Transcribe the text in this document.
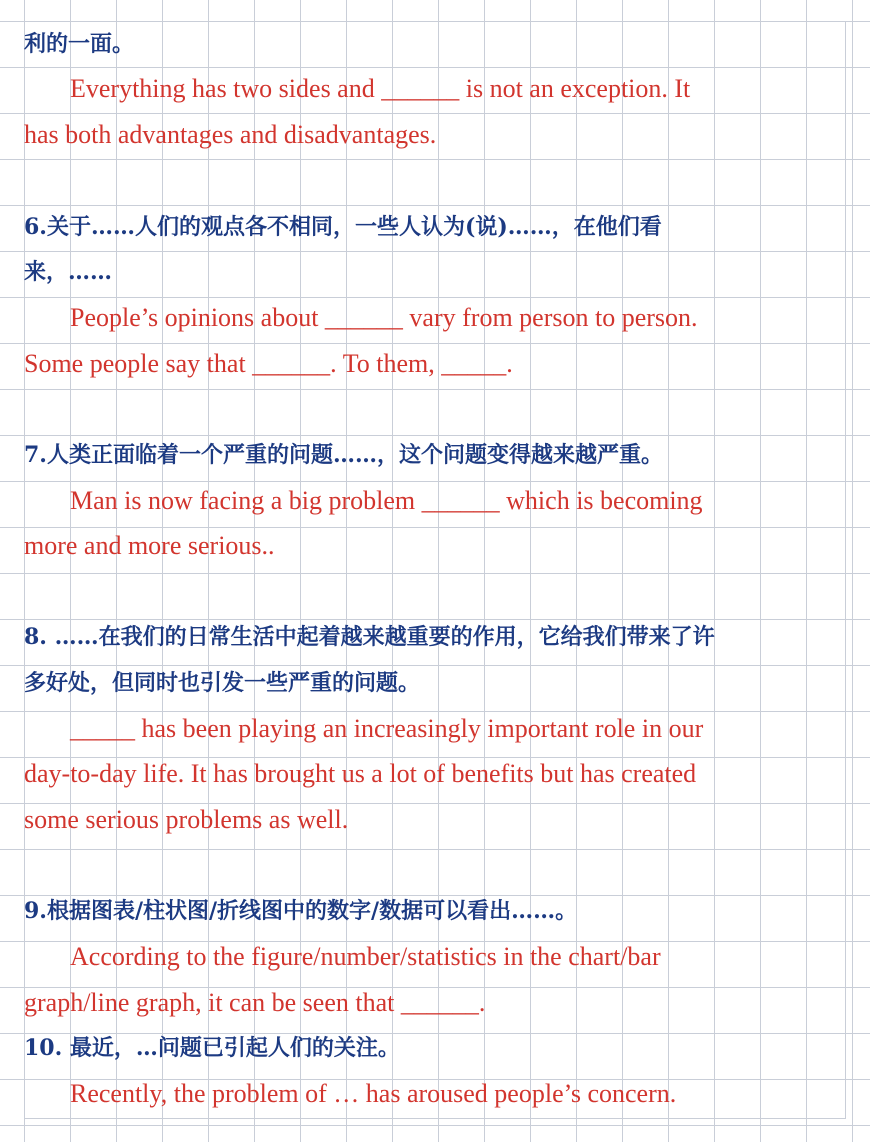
利的一面。
Everything has two sides and ______ is not an exception. It
has both advantages and disadvantages.
6.关于……人们的观点各不相同，一些人认为(说)……，在他们看
来，……
People’s opinions about ______ vary from person to person.
Some people say that ______. To them, _____.
7.人类正面临着一个严重的问题……，这个问题变得越来越严重。
Man is now facing a big problem ______ which is becoming
more and more serious..
8. ……在我们的日常生活中起着越来越重要的作用，它给我们带来了许
多好处，但同时也引发一些严重的问题。
_____ has been playing an increasingly important role in our
day-to-day life. It has brought us a lot of benefits but has created
some serious problems as well.
9.根据图表/柱状图/折线图中的数字/数据可以看出……。
According to the figure/number/statistics in the chart/bar
graph/line graph, it can be seen that ______.
10. 最近，…问题已引起人们的关注。
Recently, the problem of … has aroused people’s concern.
